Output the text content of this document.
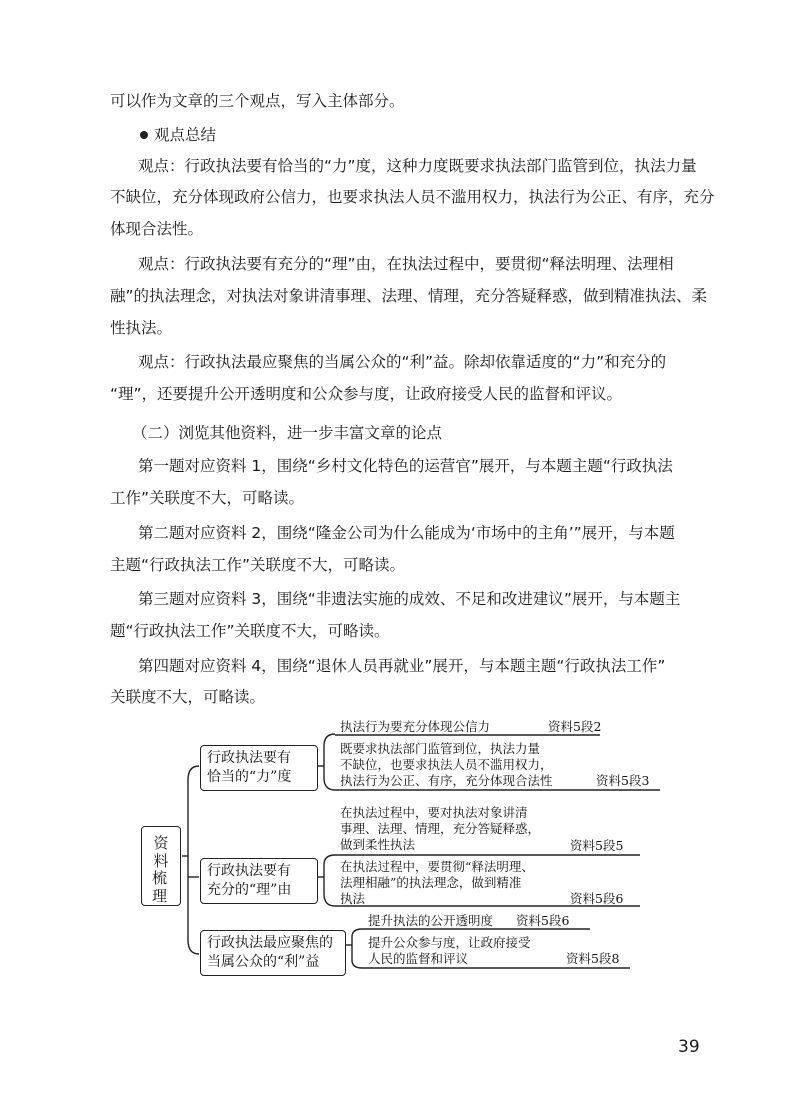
可以作为文章的三个观点，写入主体部分。
观点总结
观点：行政执法要有恰当的“力”度，这种力度既要求执法部门监管到位，执法力量
不缺位，充分体现政府公信力，也要求执法人员不滥用权力，执法行为公正、有序，充分
体现合法性。
观点：行政执法要有充分的“理”由，在执法过程中，要贯彻“释法明理、法理相
融”的执法理念，对执法对象讲清事理、法理、情理，充分答疑释惑，做到精准执法、柔
性执法。
观点：行政执法最应聚焦的当属公众的“利”益。除却依靠适度的“力”和充分的
“理”，还要提升公开透明度和公众参与度，让政府接受人民的监督和评议。
（二）浏览其他资料，进一步丰富文章的论点
第一题对应资料 1，围绕“乡村文化特色的运营官”展开，与本题主题“行政执法
工作”关联度不大，可略读。
第二题对应资料 2，围绕“隆金公司为什么能成为‘市场中的主角’”展开，与本题
主题“行政执法工作”关联度不大，可略读。
第三题对应资料 3，围绕“非遗法实施的成效、不足和改进建议”展开，与本题主
题“行政执法工作”关联度不大，可略读。
第四题对应资料 4，围绕“退休人员再就业”展开，与本题主题“行政执法工作”
关联度不大，可略读。
资
料
梳
理
行政执法要有
恰当的“力”度
执法行为要充分体现公信力	资料5段2
既要求执法部门监管到位，执法力量
不缺位，也要求执法人员不滥用权力，
执法行为公正、有序，充分体现合法性	资料5段3
行政执法要有
充分的“理”由
在执法过程中，要对执法对象讲清
事理、法理、情理，充分答疑释惑，
做到柔性执法	资料5段5
在执法过程中，要贯彻“释法明理、
法理相融”的执法理念，做到精准
执法	资料5段6
行政执法最应聚焦的
当属公众的“利”益
提升执法的公开透明度 资料5段6
提升公众参与度，让政府接受
人民的监督和评议	资料5段8
39
